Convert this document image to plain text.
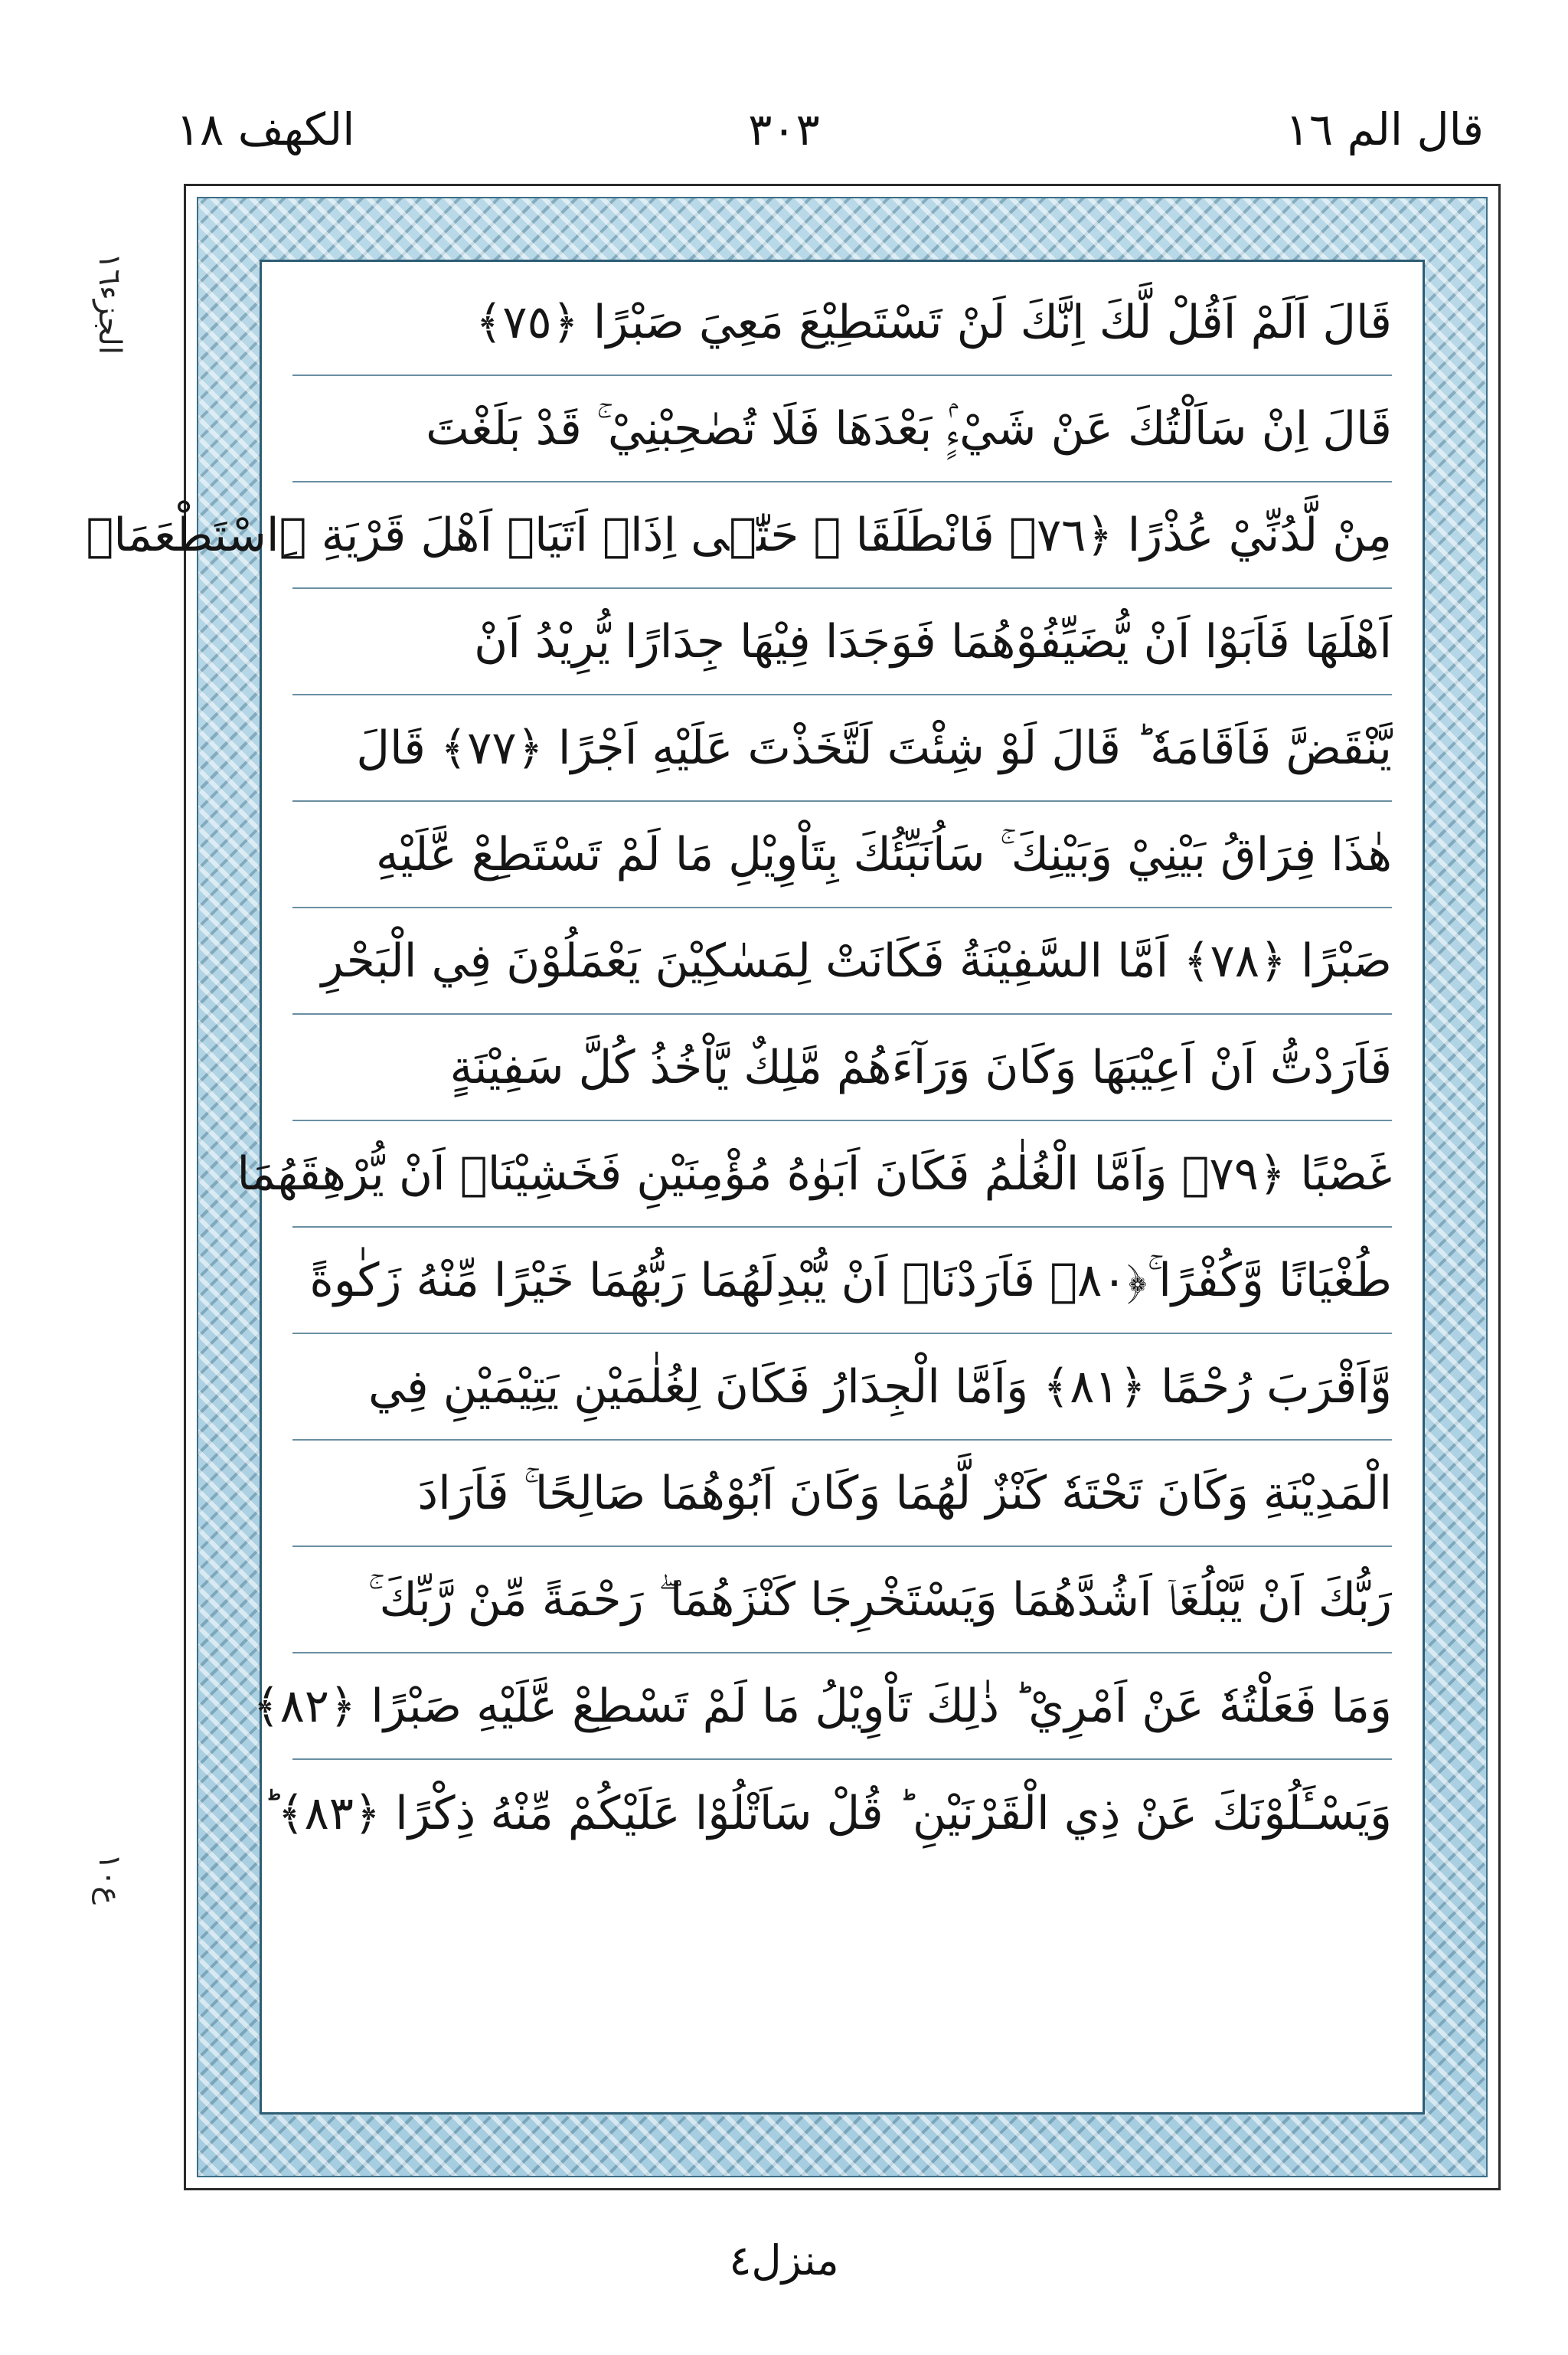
الكهف ١٨	٣٠٣	قال الم ١٦
الجزء١٦
ع١٠
قَالَ اَلَمْ اَقُلْ لَّكَ اِنَّكَ لَنْ تَسْتَطِيْعَ مَعِيَ صَبْرًا ﴿٧٥﴾
قَالَ اِنْ سَاَلْتُكَ عَنْ شَيْءٍۢ بَعْدَهَا فَلَا تُصٰحِبْنِيْ ۚ قَدْ بَلَغْتَ
مِنْ لَّدُنِّيْ عُذْرًا ﴿٧٦﴾ فَانْطَلَقَا ۫ حَتّٰۤى اِذَاۤ اَتَيَاۤ اَهْلَ قَرْيَةِ ِۨاسْتَطْعَمَاۤ
اَهْلَهَا فَاَبَوْا اَنْ يُّضَيِّفُوْهُمَا فَوَجَدَا فِيْهَا جِدَارًا يُّرِيْدُ اَنْ
يَّنْقَضَّ فَاَقَامَهٗ ؕ قَالَ لَوْ شِئْتَ لَتَّخَذْتَ عَلَيْهِ اَجْرًا ﴿٧٧﴾ قَالَ
هٰذَا فِرَاقُ بَيْنِيْ وَبَيْنِكَ ۚ سَاُنَبِّئُكَ بِتَاْوِيْلِ مَا لَمْ تَسْتَطِعْ عَّلَيْهِ
صَبْرًا ﴿٧٨﴾ اَمَّا السَّفِيْنَةُ فَكَانَتْ لِمَسٰكِيْنَ يَعْمَلُوْنَ فِي الْبَحْرِ
فَاَرَدْتُّ اَنْ اَعِيْبَهَا وَكَانَ وَرَآءَهُمْ مَّلِكٌ يَّاْخُذُ كُلَّ سَفِيْنَةٍ
غَصْبًا ﴿٧٩﴾ وَاَمَّا الْغُلٰمُ فَكَانَ اَبَوٰهُ مُؤْمِنَيْنِ فَخَشِيْنَاۤ اَنْ يُّرْهِقَهُمَا
طُغْيَانًا وَّكُفْرًا ۚ﴿٨٠﴾ فَاَرَدْنَاۤ اَنْ يُّبْدِلَهُمَا رَبُّهُمَا خَيْرًا مِّنْهُ زَكٰوةً
وَّاَقْرَبَ رُحْمًا ﴿٨١﴾ وَاَمَّا الْجِدَارُ فَكَانَ لِغُلٰمَيْنِ يَتِيْمَيْنِ فِي
الْمَدِيْنَةِ وَكَانَ تَحْتَهٗ كَنْزٌ لَّهُمَا وَكَانَ اَبُوْهُمَا صَالِحًا ۚ فَاَرَادَ
رَبُّكَ اَنْ يَّبْلُغَاۤ اَشُدَّهُمَا وَيَسْتَخْرِجَا كَنْزَهُمَا ۖ رَحْمَةً مِّنْ رَّبِّكَ ۚ
وَمَا فَعَلْتُهٗ عَنْ اَمْرِيْ ؕ ذٰلِكَ تَاْوِيْلُ مَا لَمْ تَسْطِعْ عَّلَيْهِ صَبْرًا ﴿٨٢﴾
وَيَسْـَٔلُوْنَكَ عَنْ ذِي الْقَرْنَيْنِ ؕ قُلْ سَاَتْلُوْا عَلَيْكُمْ مِّنْهُ ذِكْرًا ﴿٨٣﴾ ؕ
منزل٤
